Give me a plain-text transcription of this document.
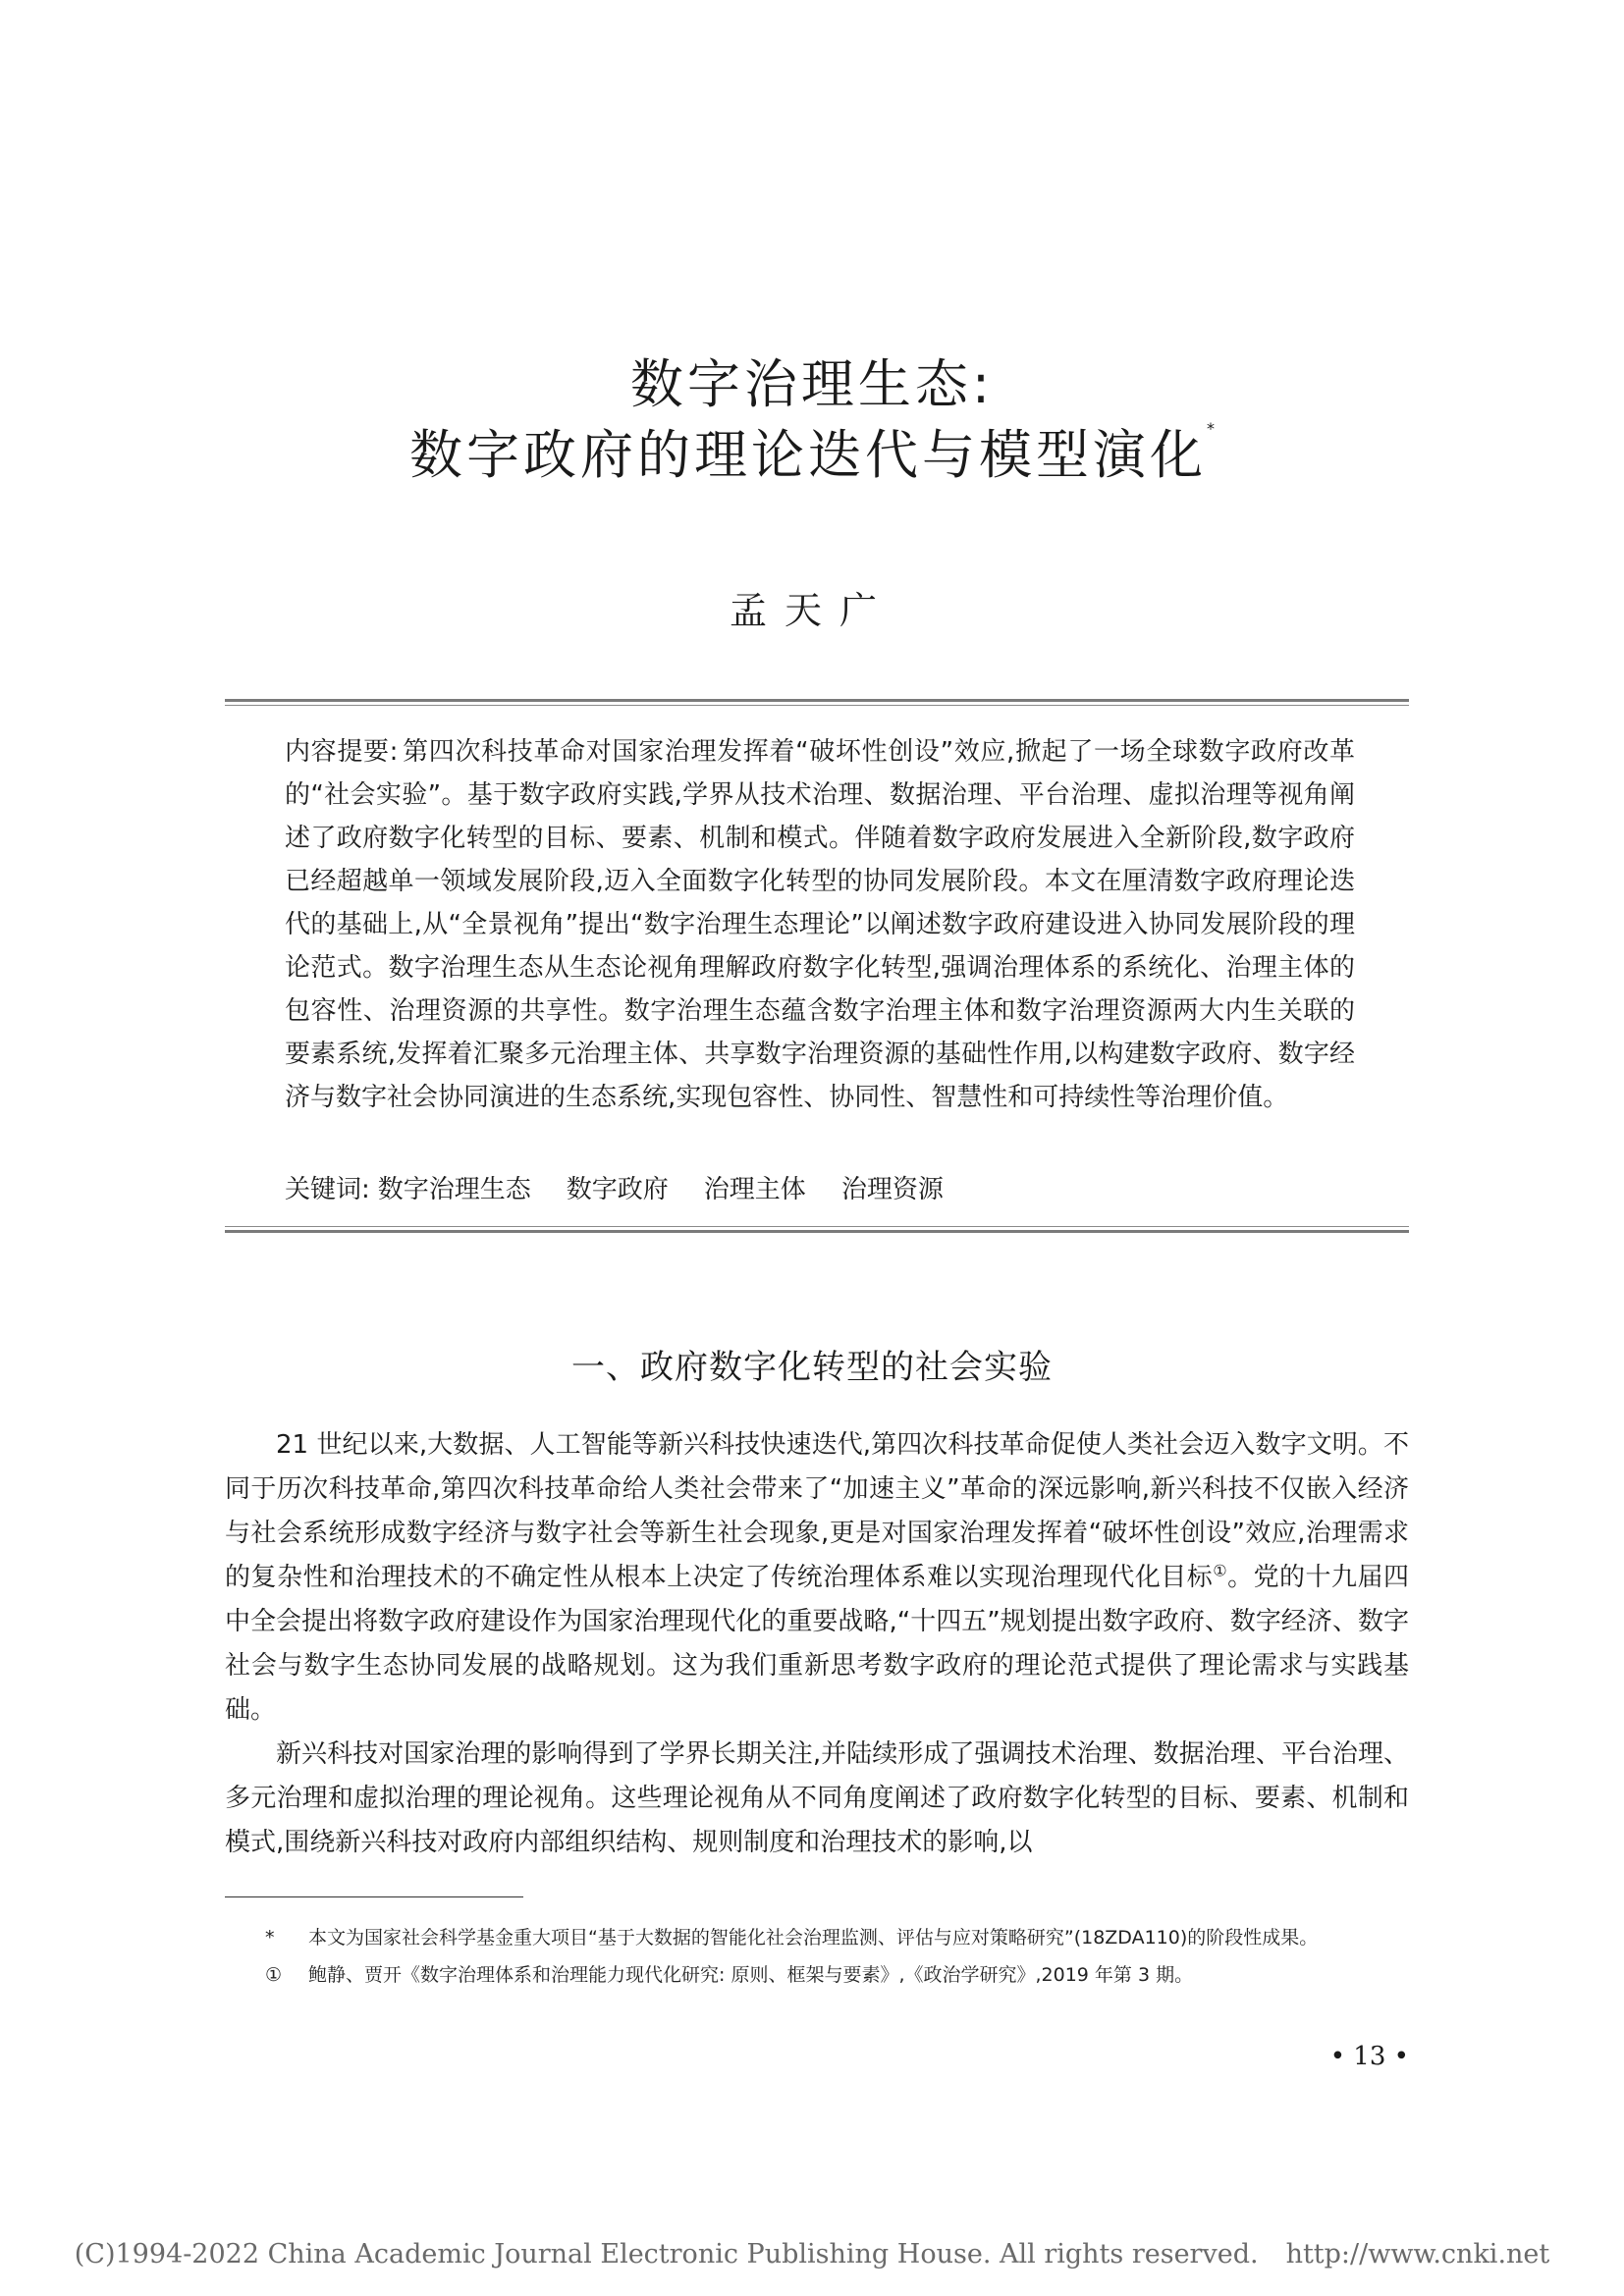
数字治理生态:
数字政府的理论迭代与模型演化*
孟天广
内容提要: 第四次科技革命对国家治理发挥着“破坏性创设”效应,掀起了一场全球数字政府改革的“社会实验”。基于数字政府实践,学界从技术治理、数据治理、平台治理、虚拟治理等视角阐述了政府数字化转型的目标、要素、机制和模式。伴随着数字政府发展进入全新阶段,数字政府已经超越单一领域发展阶段,迈入全面数字化转型的协同发展阶段。本文在厘清数字政府理论迭代的基础上,从“全景视角”提出“数字治理生态理论”以阐述数字政府建设进入协同发展阶段的理论范式。数字治理生态从生态论视角理解政府数字化转型,强调治理体系的系统化、治理主体的包容性、治理资源的共享性。数字治理生态蕴含数字治理主体和数字治理资源两大内生关联的要素系统,发挥着汇聚多元治理主体、共享数字治理资源的基础性作用,以构建数字政府、数字经济与数字社会协同演进的生态系统,实现包容性、协同性、智慧性和可持续性等治理价值。
关键词: 数字治理生态 数字政府 治理主体 治理资源
一、政府数字化转型的社会实验

21 世纪以来,大数据、人工智能等新兴科技快速迭代,第四次科技革命促使人类社会迈入数字文明。不同于历次科技革命,第四次科技革命给人类社会带来了“加速主义”革命的深远影响,新兴科技不仅嵌入经济与社会系统形成数字经济与数字社会等新生社会现象,更是对国家治理发挥着“破坏性创设”效应,治理需求的复杂性和治理技术的不确定性从根本上决定了传统治理体系难以实现治理现代化目标①。党的十九届四中全会提出将数字政府建设作为国家治理现代化的重要战略,“十四五”规划提出数字政府、数字经济、数字社会与数字生态协同发展的战略规划。这为我们重新思考数字政府的理论范式提供了理论需求与实践基础。

新兴科技对国家治理的影响得到了学界长期关注,并陆续形成了强调技术治理、数据治理、平台治理、多元治理和虚拟治理的理论视角。这些理论视角从不同角度阐述了政府数字化转型的目标、要素、机制和模式,围绕新兴科技对政府内部组织结构、规则制度和治理技术的影响,以

* 本文为国家社会科学基金重大项目“基于大数据的智能化社会治理监测、评估与应对策略研究”(18ZDA110)的阶段性成果。
① 鲍静、贾开《数字治理体系和治理能力现代化研究: 原则、框架与要素》,《政治学研究》,2019 年第 3 期。
• 13 •
(C)1994-2022 China Academic Journal Electronic Publishing House. All rights reserved. http://www.cnki.net
